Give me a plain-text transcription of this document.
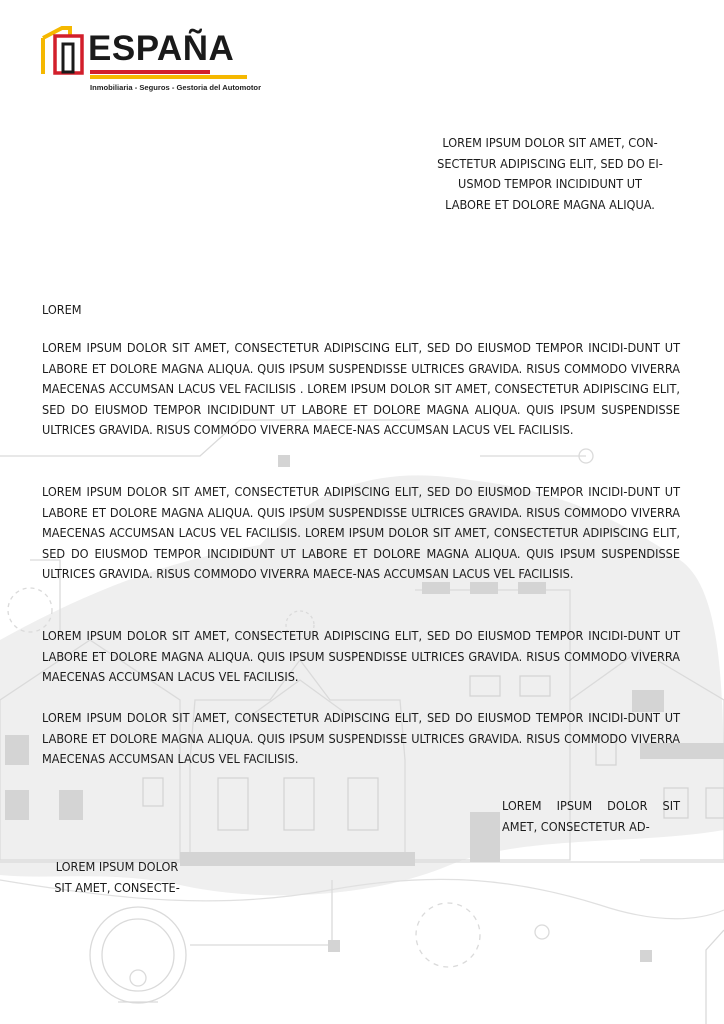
ESPAÑA
Inmobiliaria - Seguros - Gestoria del Automotor
LOREM IPSUM DOLOR SIT AMET, CON-
SECTETUR ADIPISCING ELIT, SED DO EI-
USMOD TEMPOR INCIDIDUNT UT
LABORE ET DOLORE MAGNA ALIQUA.
LOREM
LOREM IPSUM DOLOR SIT AMET, CONSECTETUR ADIPISCING ELIT, SED DO EIUSMOD TEMPOR INCIDI-DUNT UT LABORE ET DOLORE MAGNA ALIQUA. QUIS IPSUM SUSPENDISSE ULTRICES GRAVIDA. RISUS COMMODO VIVERRA MAECENAS ACCUMSAN LACUS VEL FACILISIS . LOREM IPSUM DOLOR SIT AMET, CONSECTETUR ADIPISCING ELIT, SED DO EIUSMOD TEMPOR INCIDIDUNT UT LABORE ET DOLORE MAGNA ALIQUA. QUIS IPSUM SUSPENDISSE ULTRICES GRAVIDA. RISUS COMMODO VIVERRA MAECE-NAS ACCUMSAN LACUS VEL FACILISIS.
LOREM IPSUM DOLOR SIT AMET, CONSECTETUR ADIPISCING ELIT, SED DO EIUSMOD TEMPOR INCIDI-DUNT UT LABORE ET DOLORE MAGNA ALIQUA. QUIS IPSUM SUSPENDISSE ULTRICES GRAVIDA. RISUS COMMODO VIVERRA MAECENAS ACCUMSAN LACUS VEL FACILISIS. LOREM IPSUM DOLOR SIT AMET, CONSECTETUR ADIPISCING ELIT, SED DO EIUSMOD TEMPOR INCIDIDUNT UT LABORE ET DOLORE MAGNA ALIQUA. QUIS IPSUM SUSPENDISSE ULTRICES GRAVIDA. RISUS COMMODO VIVERRA MAECE-NAS ACCUMSAN LACUS VEL FACILISIS.
LOREM IPSUM DOLOR SIT AMET, CONSECTETUR ADIPISCING ELIT, SED DO EIUSMOD TEMPOR INCIDI-DUNT UT LABORE ET DOLORE MAGNA ALIQUA. QUIS IPSUM SUSPENDISSE ULTRICES GRAVIDA. RISUS COMMODO VIVERRA MAECENAS ACCUMSAN LACUS VEL FACILISIS.
LOREM IPSUM DOLOR SIT AMET, CONSECTETUR ADIPISCING ELIT, SED DO EIUSMOD TEMPOR INCIDI-DUNT UT LABORE ET DOLORE MAGNA ALIQUA. QUIS IPSUM SUSPENDISSE ULTRICES GRAVIDA. RISUS COMMODO VIVERRA MAECENAS ACCUMSAN LACUS VEL FACILISIS.
LOREM IPSUM DOLOR SIT AMET, CONSECTETUR AD-
LOREM IPSUM DOLOR
SIT AMET, CONSECTE-
